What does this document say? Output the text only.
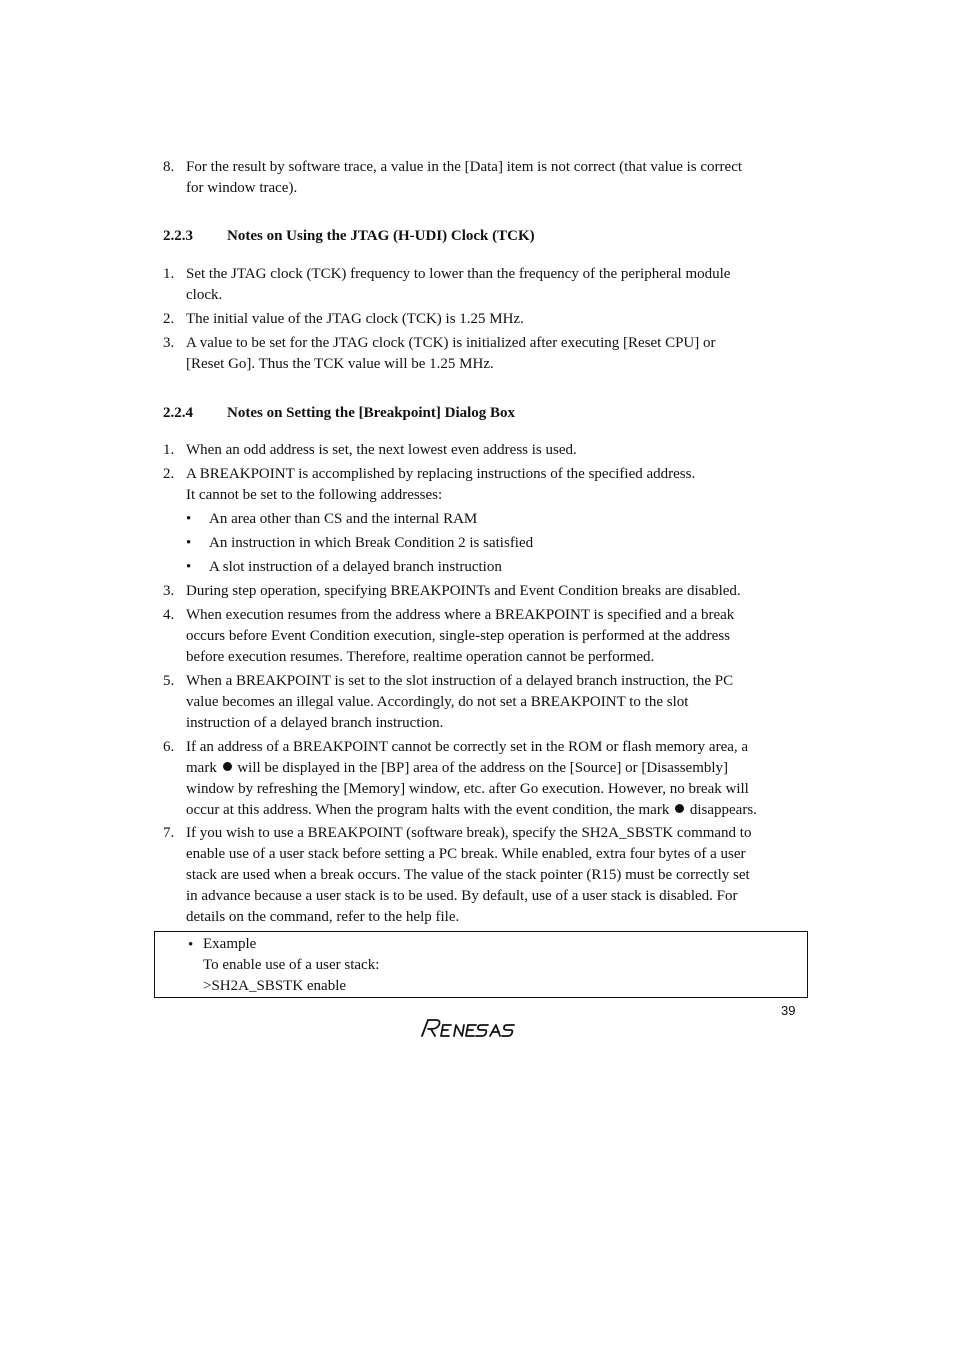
8. For the result by software trace, a value in the [Data] item is not correct (that value is correct
for window trace).
2.2.3 Notes on Using the JTAG (H-UDI) Clock (TCK)
1. Set the JTAG clock (TCK) frequency to lower than the frequency of the peripheral module
clock.
2. The initial value of the JTAG clock (TCK) is 1.25 MHz.
3. A value to be set for the JTAG clock (TCK) is initialized after executing [Reset CPU] or
[Reset Go]. Thus the TCK value will be 1.25 MHz.
2.2.4 Notes on Setting the [Breakpoint] Dialog Box
1. When an odd address is set, the next lowest even address is used.
2. A BREAKPOINT is accomplished by replacing instructions of the specified address.
It cannot be set to the following addresses:
• An area other than CS and the internal RAM
• An instruction in which Break Condition 2 is satisfied
• A slot instruction of a delayed branch instruction
3. During step operation, specifying BREAKPOINTs and Event Condition breaks are disabled.
4. When execution resumes from the address where a BREAKPOINT is specified and a break
occurs before Event Condition execution, single-step operation is performed at the address
before execution resumes. Therefore, realtime operation cannot be performed.
5. When a BREAKPOINT is set to the slot instruction of a delayed branch instruction, the PC
value becomes an illegal value. Accordingly, do not set a BREAKPOINT to the slot
instruction of a delayed branch instruction.
6. If an address of a BREAKPOINT cannot be correctly set in the ROM or flash memory area, a
mark will be displayed in the [BP] area of the address on the [Source] or [Disassembly]
window by refreshing the [Memory] window, etc. after Go execution. However, no break will
occur at this address. When the program halts with the event condition, the mark disappears.
7. If you wish to use a BREAKPOINT (software break), specify the SH2A_SBSTK command to
enable use of a user stack before setting a PC break. While enabled, extra four bytes of a user
stack are used when a break occurs. The value of the stack pointer (R15) must be correctly set
in advance because a user stack is to be used. By default, use of a user stack is disabled. For
details on the command, refer to the help file.
• Example
To enable use of a user stack:
>SH2A_SBSTK enable
39
